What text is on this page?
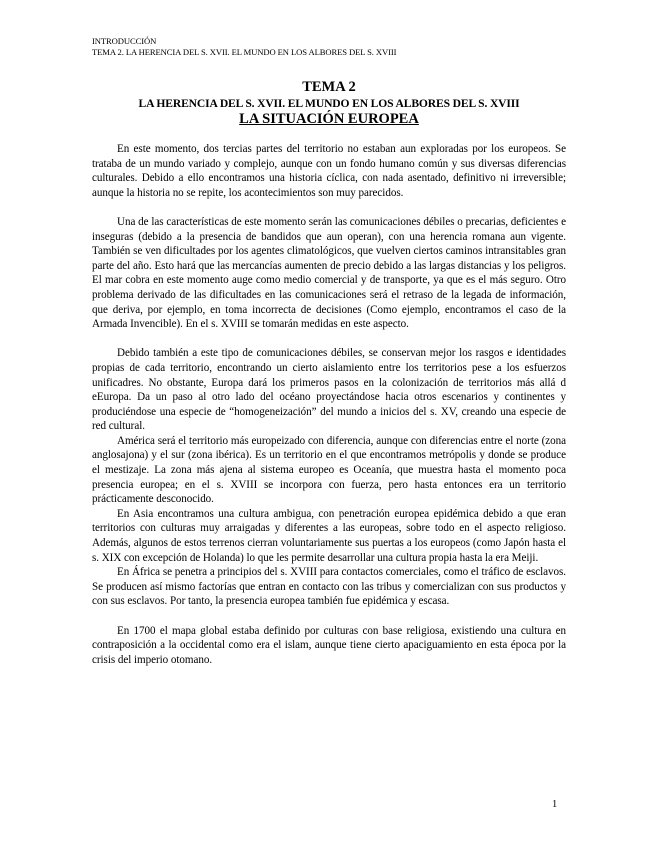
INTRODUCCIÓN
TEMA 2. LA HERENCIA DEL S. XVII. EL MUNDO EN LOS ALBORES DEL S. XVIII
TEMA 2
LA HERENCIA DEL S. XVII. EL MUNDO EN LOS ALBORES DEL S. XVIII
LA SITUACIÓN EUROPEA

En este momento, dos tercias partes del territorio no estaban aun exploradas por los europeos. Se trataba de un mundo variado y complejo, aunque con un fondo humano común y sus diversas diferencias culturales. Debido a ello encontramos una historia cíclica, con nada asentado, definitivo ni irreversible; aunque la historia no se repite, los acontecimientos son muy parecidos.

Una de las características de este momento serán las comunicaciones débiles o precarias, deficientes e inseguras (debido a la presencia de bandidos que aun operan), con una herencia romana aun vigente. También se ven dificultades por los agentes climatológicos, que vuelven ciertos caminos intransitables gran parte del año. Esto hará que las mercancías aumenten de precio debido a las largas distancias y los peligros. El mar cobra en este momento auge como medio comercial y de transporte, ya que es el más seguro. Otro problema derivado de las dificultades en las comunicaciones será el retraso de la legada de información, que deriva, por ejemplo, en toma incorrecta de decisiones (Como ejemplo, encontramos el caso de la Armada Invencible). En el s. XVIII se tomarán medidas en este aspecto.

Debido también a este tipo de comunicaciones débiles, se conservan mejor los rasgos e identidades propias de cada territorio, encontrando un cierto aislamiento entre los territorios pese a los esfuerzos unificadres. No obstante, Europa dará los primeros pasos en la colonización de territorios más allá d eEuropa. Da un paso al otro lado del océano proyectándose hacia otros escenarios y continentes y produciéndose una especie de “homogeneización” del mundo a inicios del s. XV, creando una especie de red cultural.

América será el territorio más europeizado con diferencia, aunque con diferencias entre el norte (zona anglosajona) y el sur (zona ibérica). Es un territorio en el que encontramos metrópolis y donde se produce el mestizaje. La zona más ajena al sistema europeo es Oceanía, que muestra hasta el momento poca presencia europea; en el s. XVIII se incorpora con fuerza, pero hasta entonces era un territorio prácticamente desconocido.

En Asia encontramos una cultura ambigua, con penetración europea epidémica debido a que eran territorios con culturas muy arraigadas y diferentes a las europeas, sobre todo en el aspecto religioso. Además, algunos de estos terrenos cierran voluntariamente sus puertas a los europeos (como Japón hasta el s. XIX con excepción de Holanda) lo que les permite desarrollar una cultura propia hasta la era Meiji.

En África se penetra a principios del s. XVIII para contactos comerciales, como el tráfico de esclavos. Se producen así mismo factorías que entran en contacto con las tribus y comercializan con sus productos y con sus esclavos. Por tanto, la presencia europea también fue epidémica y escasa.

En 1700 el mapa global estaba definido por culturas con base religiosa, existiendo una cultura en contraposición a la occidental como era el islam, aunque tiene cierto apaciguamiento en esta época por la crisis del imperio otomano.

1
